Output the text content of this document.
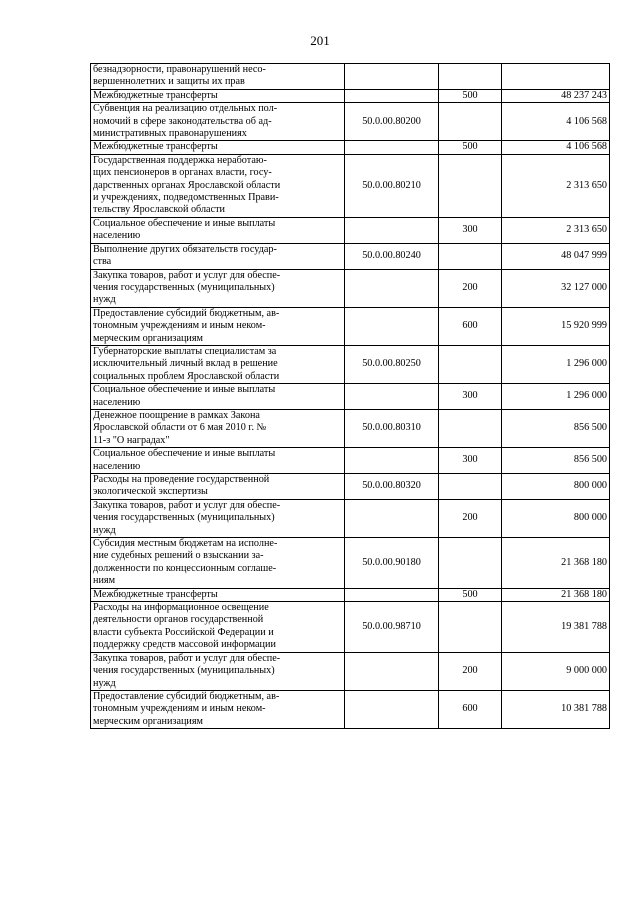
201
безнадзорности, правонарушений несо-
вершеннолетних и защиты их прав			

Межбюджетные трансферты		500	48 237 243

Субвенция на реализацию отдельных пол-
номочий в сфере законодательства об ад-
министративных правонарушениях	50.0.00.80200		4 106 568

Межбюджетные трансферты		500	4 106 568

Государственная поддержка неработаю-
щих пенсионеров в органах власти, госу-
дарственных органах Ярославской области
и учреждениях, подведомственных Прави-
тельству Ярославской области	50.0.00.80210		2 313 650

Социальное обеспечение и иные выплаты
населению		300	2 313 650

Выполнение других обязательств государ-
ства	50.0.00.80240		48 047 999

Закупка товаров, работ и услуг для обеспе-
чения государственных (муниципальных)
нужд		200	32 127 000

Предоставление субсидий бюджетным, ав-
тономным учреждениям и иным неком-
мерческим организациям		600	15 920 999

Губернаторские выплаты специалистам за
исключительный личный вклад в решение
социальных проблем Ярославской области	50.0.00.80250		1 296 000

Социальное обеспечение и иные выплаты
населению		300	1 296 000

Денежное поощрение в рамках Закона
Ярославской области от 6 мая 2010 г. №
11-з "О наградах"	50.0.00.80310		856 500

Социальное обеспечение и иные выплаты
населению		300	856 500

Расходы на проведение государственной
экологической экспертизы	50.0.00.80320		800 000

Закупка товаров, работ и услуг для обеспе-
чения государственных (муниципальных)
нужд		200	800 000

Субсидия местным бюджетам на исполне-
ние судебных решений о взыскании за-
долженности по концессионным соглаше-
ниям	50.0.00.90180		21 368 180

Межбюджетные трансферты		500	21 368 180

Расходы на информационное освещение
деятельности органов государственной
власти субъекта Российской Федерации и
поддержку средств массовой информации	50.0.00.98710		19 381 788

Закупка товаров, работ и услуг для обеспе-
чения государственных (муниципальных)
нужд		200	9 000 000

Предоставление субсидий бюджетным, ав-
тономным учреждениям и иным неком-
мерческим организациям		600	10 381 788
